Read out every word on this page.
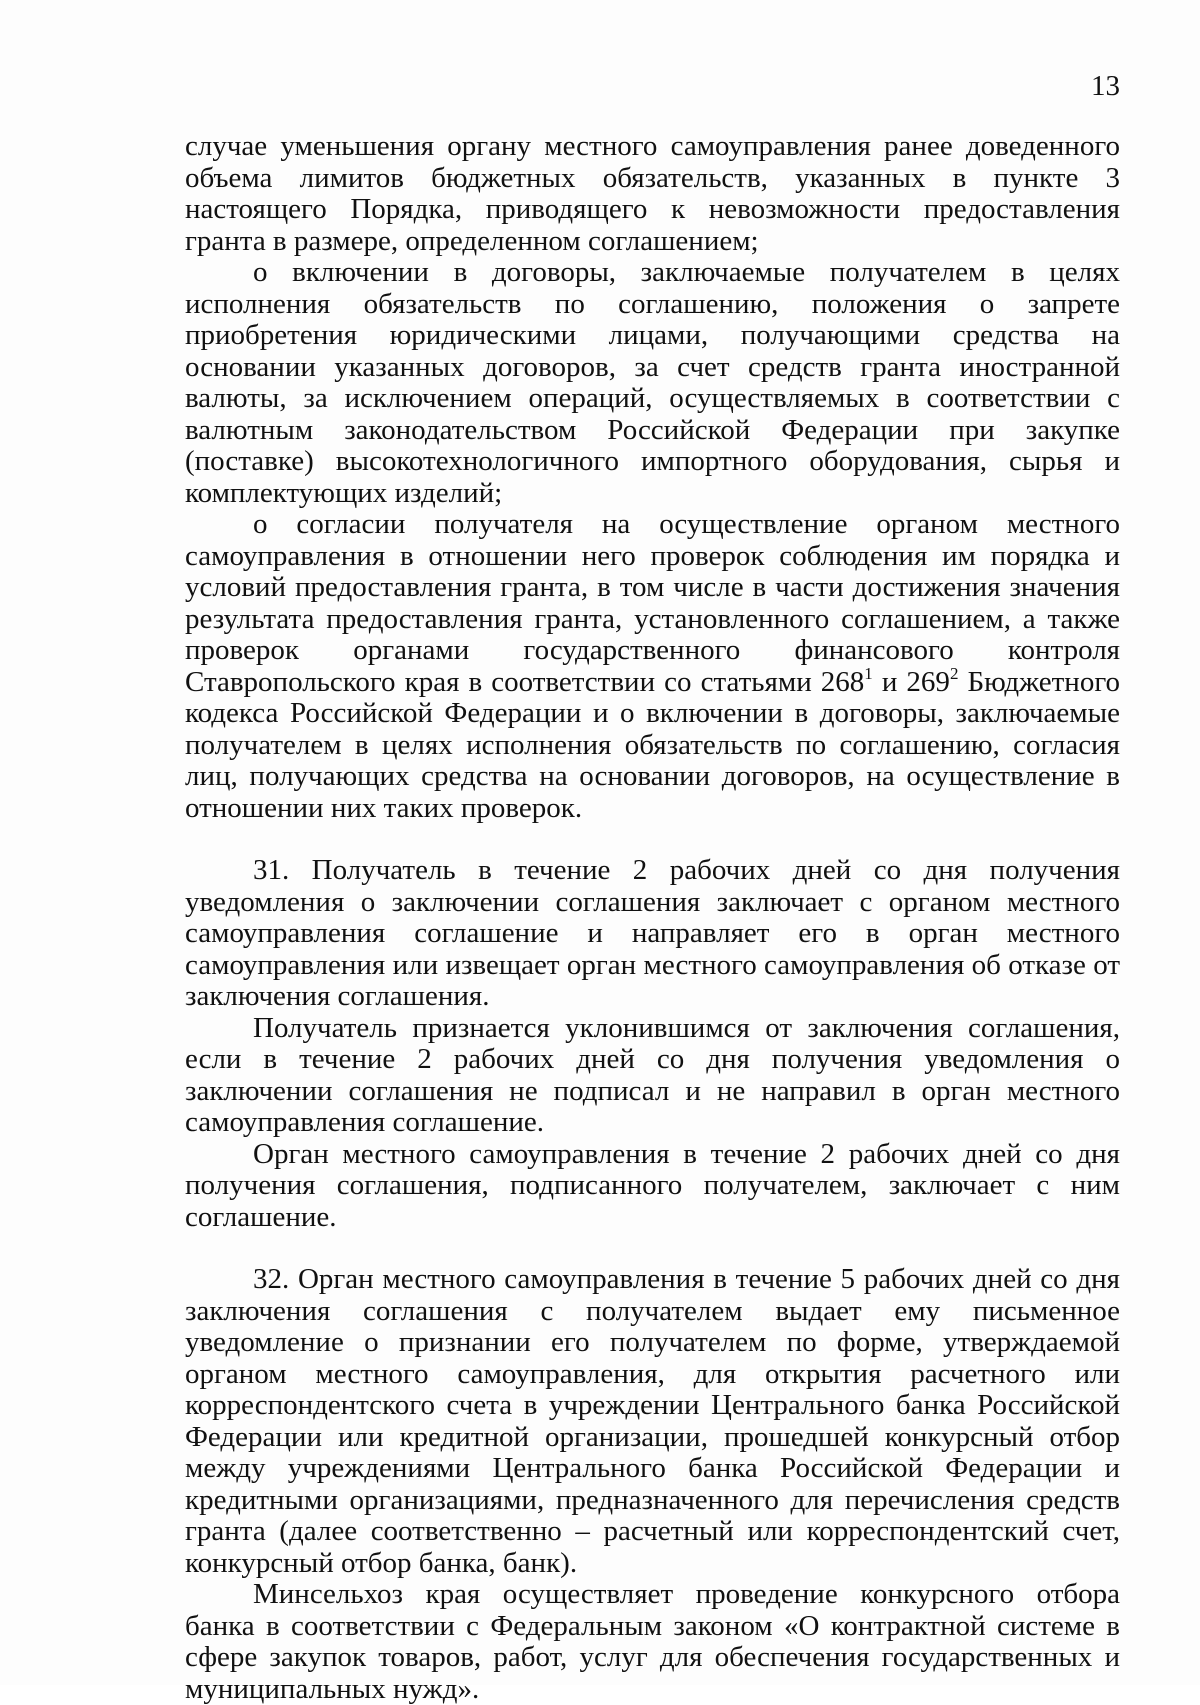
13

случае уменьшения органу местного самоуправления ранее доведенного объема лимитов бюджетных обязательств, указанных в пункте 3 настоящего Порядка, приводящего к невозможности предоставления гранта в размере, определенном соглашением;

о включении в договоры, заключаемые получателем в целях исполнения обязательств по соглашению, положения о запрете приобретения юридическими лицами, получающими средства на основании указанных договоров, за счет средств гранта иностранной валюты, за исключением операций, осуществляемых в соответствии с валютным законодательством Российской Федерации при закупке (поставке) высокотехнологичного импортного оборудования, сырья и комплектующих изделий;

о согласии получателя на осуществление органом местного самоуправления в отношении него проверок соблюдения им порядка и условий предоставления гранта, в том числе в части достижения значения результата предоставления гранта, установленного соглашением, а также проверок органами государственного финансового контроля Ставропольского края в соответствии со статьями $268^1$ и $269^2$ Бюджетного кодекса Российской Федерации и о включении в договоры, заключаемые получателем в целях исполнения обязательств по соглашению, согласия лиц, получающих средства на основании договоров, на осуществление в отношении них таких проверок.

31. Получатель в течение 2 рабочих дней со дня получения уведомления о заключении соглашения заключает с органом местного самоуправления соглашение и направляет его в орган местного самоуправления или извещает орган местного самоуправления об отказе от заключения соглашения.

Получатель признается уклонившимся от заключения соглашения, если в течение 2 рабочих дней со дня получения уведомления о заключении соглашения не подписал и не направил в орган местного самоуправления соглашение.

Орган местного самоуправления в течение 2 рабочих дней со дня получения соглашения, подписанного получателем, заключает с ним соглашение.

32. Орган местного самоуправления в течение 5 рабочих дней со дня заключения соглашения с получателем выдает ему письменное уведомление о признании его получателем по форме, утверждаемой органом местного самоуправления, для открытия расчетного или корреспондентского счета в учреждении Центрального банка Российской Федерации или кредитной организации, прошедшей конкурсный отбор между учреждениями Центрального банка Российской Федерации и кредитными организациями, предназначенного для перечисления средств гранта (далее соответственно – расчетный или корреспондентский счет, конкурсный отбор банка, банк).

Минсельхоз края осуществляет проведение конкурсного отбора банка в соответствии с Федеральным законом «О контрактной системе в сфере закупок товаров, работ, услуг для обеспечения государственных и муниципальных нужд».
